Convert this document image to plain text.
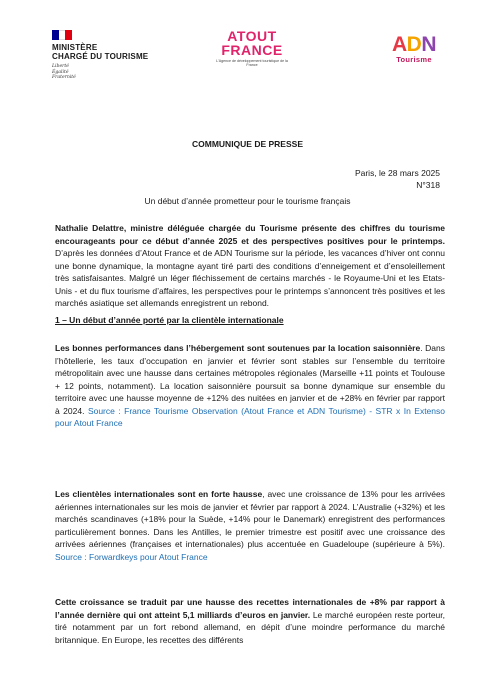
MINISTÈRE
CHARGÉ DU TOURISME
Liberté
Égalité
Fraternité
ATOUT
FRANCE
L'Agence de développement touristique de la France
ADN
Tourisme
COMMUNIQUE DE PRESSE
Paris, le 28 mars 2025
N°318
Un début d’année prometteur pour le tourisme français

Nathalie Delattre, ministre déléguée chargée du Tourisme présente des chiffres du tourisme encourageants pour ce début d’année 2025 et des perspectives positives pour le printemps. D’après les données d’Atout France et de ADN Tourisme sur la période, les vacances d’hiver ont connu une bonne dynamique, la montagne ayant tiré parti des conditions d’enneigement et d’ensoleillement très satisfaisantes. Malgré un léger fléchissement de certains marchés - le Royaume-Uni et les Etats-Unis - et du flux tourisme d’affaires, les perspectives pour le printemps s’annoncent très positives et les marchés asiatique set allemands enregistrent un rebond.

1 – Un début d’année porté par la clientèle internationale

Les bonnes performances dans l’hébergement sont soutenues par la location saisonnière. Dans l’hôtellerie, les taux d’occupation en janvier et février sont stables sur l’ensemble du territoire métropolitain avec une hausse dans certaines métropoles régionales (Marseille +11 points et Toulouse + 12 points, notamment). La location saisonnière poursuit sa bonne dynamique sur ensemble du territoire avec une hausse moyenne de +12% des nuitées en janvier et de +28% en février par rapport à 2024. Source : France Tourisme Observation (Atout France et ADN Tourisme) - STR x In Extenso pour Atout France

Les clientèles internationales sont en forte hausse, avec une croissance de 13% pour les arrivées aériennes internationales sur les mois de janvier et février par rapport à 2024. L’Australie (+32%) et les marchés scandinaves (+18% pour la Suède, +14% pour le Danemark) enregistrent des performances particulièrement bonnes. Dans les Antilles, le premier trimestre est positif avec une croissance des arrivées aériennes (françaises et internationales) plus accentuée en Guadeloupe (supérieure à 5%). Source : Forwardkeys pour Atout France

Cette croissance se traduit par une hausse des recettes internationales de +8% par rapport à l’année dernière qui ont atteint 5,1 milliards d’euros en janvier. Le marché européen reste porteur, tiré notamment par un fort rebond allemand, en dépit d’une moindre performance du marché britannique. En Europe, les recettes des différents
